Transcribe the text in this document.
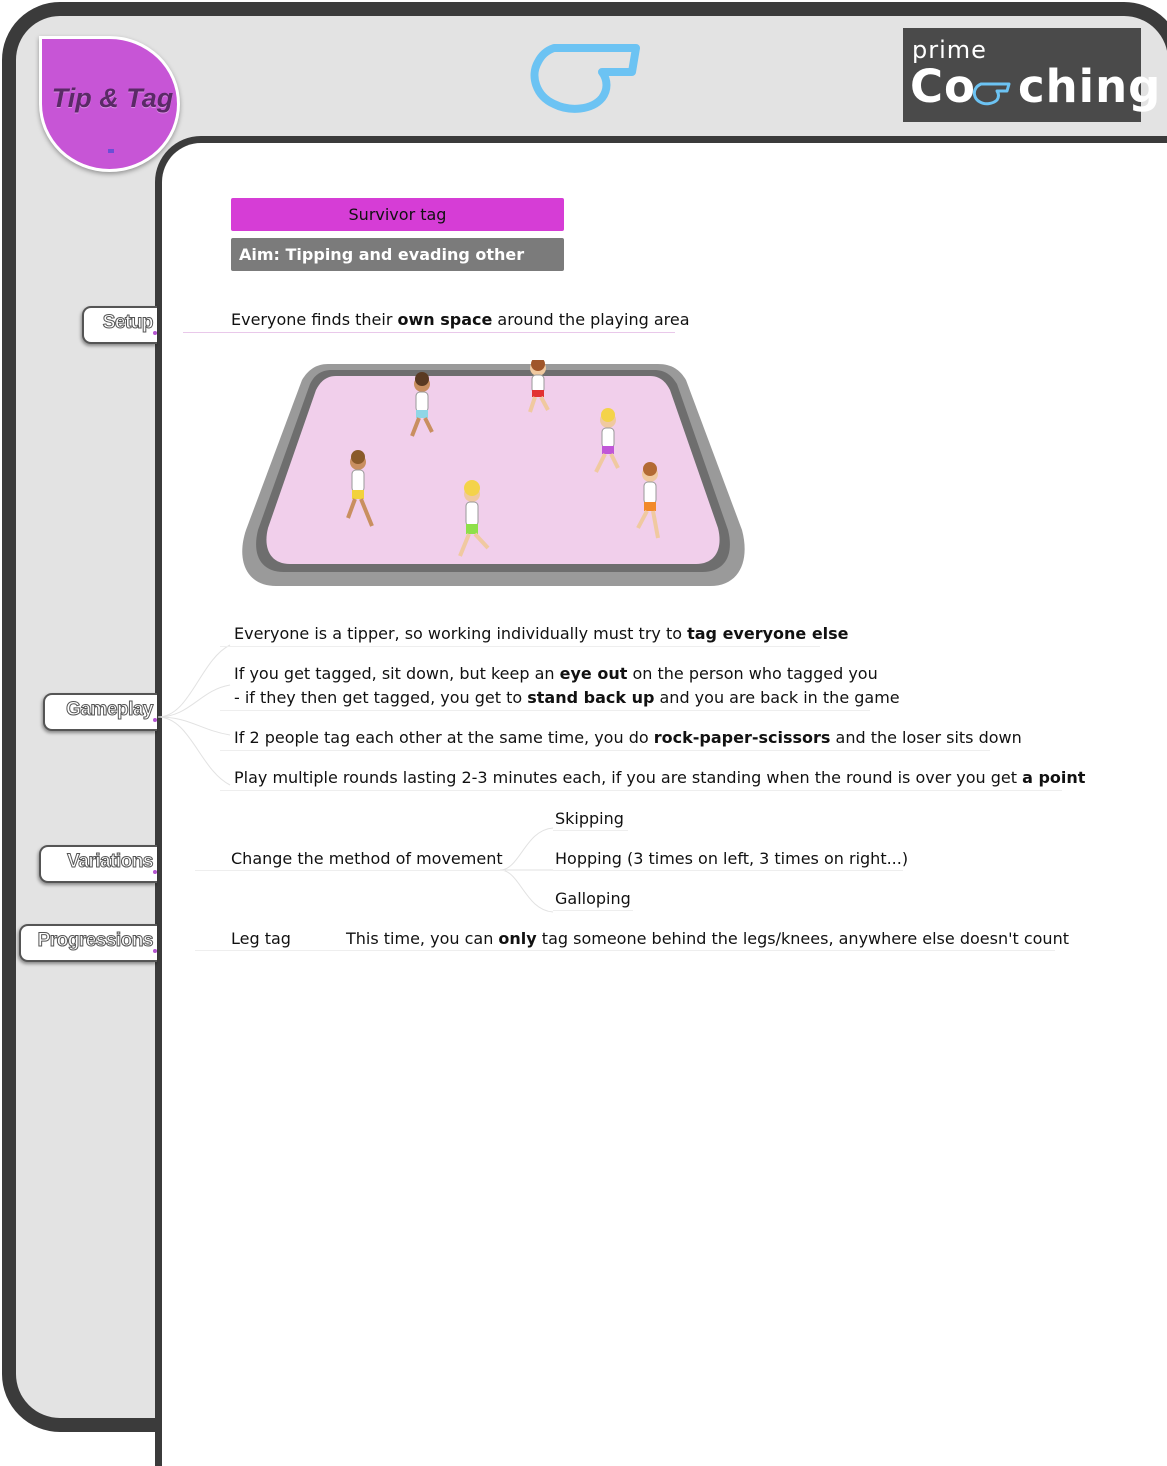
Tip & Tag
prime
Co ching
Survivor tag
Aim: Tipping and evading other players
Setup
Gameplay
Variations
Progressions
Everyone finds their own space around the playing area
Everyone is a tipper, so working individually must try to tag everyone else
If you get tagged, sit down, but keep an eye out on the person who tagged you
- if they then get tagged, you get to stand back up and you are back in the game
If 2 people tag each other at the same time, you do rock-paper-scissors and the loser sits down
Play multiple rounds lasting 2-3 minutes each, if you are standing when the round is over you get a point
Change the method of movement
Skipping
Hopping (3 times on left, 3 times on right...)
Galloping
Leg tag	This time, you can only tag someone behind the legs/knees, anywhere else doesn't count
